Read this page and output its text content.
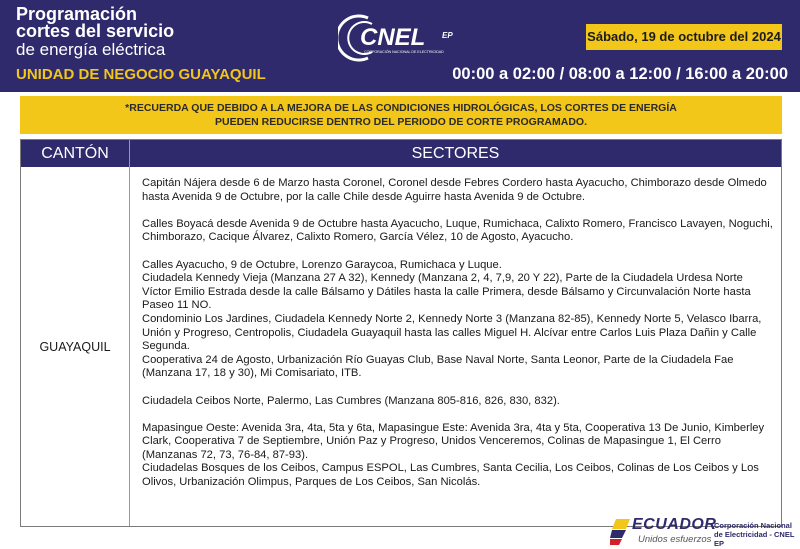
Programación
cortes del servicio
de energía eléctrica
UNIDAD DE NEGOCIO GUAYAQUIL
CNEL EP
CORPORACIÓN NACIONAL DE ELECTRICIDAD
Sábado, 19 de octubre del 2024
00:00 a 02:00 / 08:00 a 12:00 / 16:00 a 20:00
*RECUERDA QUE DEBIDO A LA MEJORA DE LAS CONDICIONES HIDROLÓGICAS, LOS CORTES DE ENERGÍA
PUEDEN REDUCIRSE DENTRO DEL PERIODO DE CORTE PROGRAMADO.
CANTÓN	SECTORES
GUAYAQUIL

Capitán Nájera desde 6 de Marzo hasta Coronel, Coronel desde Febres Cordero hasta Ayacucho, Chimborazo desde Olmedo hasta Avenida 9 de Octubre, por la calle Chile desde Aguirre hasta Avenida 9 de Octubre.

Calles Boyacá desde Avenida 9 de Octubre hasta Ayacucho, Luque, Rumichaca, Calixto Romero, Francisco Lavayen, Noguchi, Chimborazo, Cacique Álvarez, Calixto Romero, García Vélez, 10 de Agosto, Ayacucho.

Calles Ayacucho, 9 de Octubre, Lorenzo Garaycoa, Rumichaca y Luque.

Ciudadela Kennedy Vieja (Manzana 27 A 32), Kennedy (Manzana 2, 4, 7,9, 20 Y 22), Parte de la Ciudadela Urdesa Norte Víctor Emilio Estrada desde la calle Bálsamo y Dátiles hasta la calle Primera, desde Bálsamo y Circunvalación Norte hasta Paseo 11 NO.

Condominio Los Jardines, Ciudadela Kennedy Norte 2, Kennedy Norte 3 (Manzana 82-85), Kennedy Norte 5, Velasco Ibarra, Unión y Progreso, Centropolis, Ciudadela Guayaquil hasta las calles Miguel H. Alcívar entre Carlos Luis Plaza Dañin y Calle Segunda.

Cooperativa 24 de Agosto, Urbanización Río Guayas Club, Base Naval Norte, Santa Leonor, Parte de la Ciudadela Fae (Manzana 17, 18 y 30), Mi Comisariato, ITB.

Ciudadela Ceibos Norte, Palermo, Las Cumbres (Manzana 805-816, 826, 830, 832).

Mapasingue Oeste: Avenida 3ra, 4ta, 5ta y 6ta, Mapasingue Este: Avenida 3ra, 4ta y 5ta, Cooperativa 13 De Junio, Kimberley Clark, Cooperativa 7 de Septiembre, Unión Paz y Progreso, Unidos Venceremos, Colinas de Mapasingue 1, El Cerro (Manzanas 72, 73, 76-84, 87-93).

Ciudadelas Bosques de los Ceibos, Campus ESPOL, Las Cumbres, Santa Cecilia, Los Ceibos, Colinas de Los Ceibos y Los Olivos, Urbanización Olimpus, Parques de Los Ceibos, San Nicolás.

ECUADOR
Unidos esfuerzos
Corporación Nacional
de Electricidad - CNEL EP
